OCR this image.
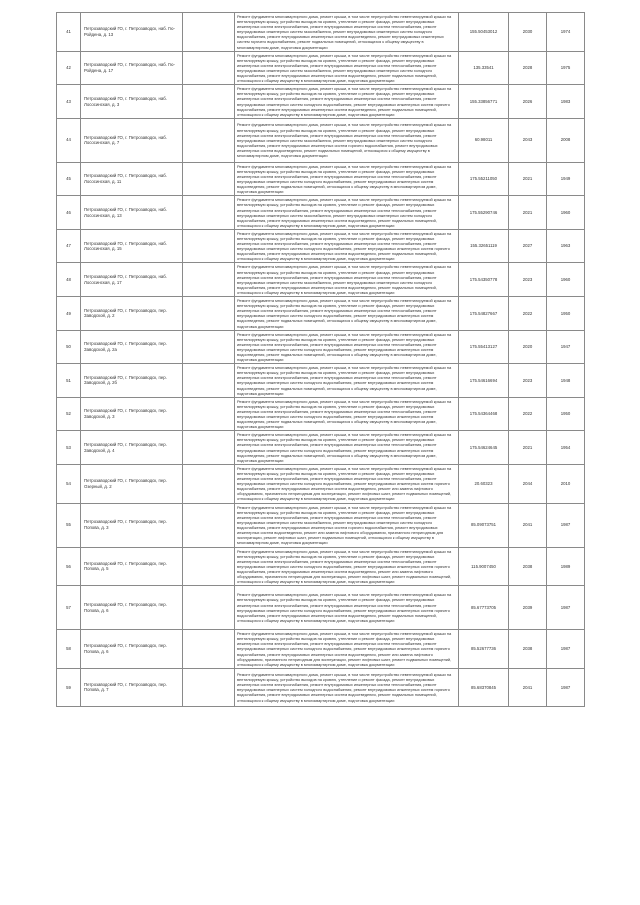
41	Петрозаводский ГО, г. Петрозаводск, наб. Гю-Ройдена, д. 13		Ремонт фундамента многоквартирного дома, ремонт крыши, в том числе переустройство невентилируемой крыши на вентилируемую крышу, устройство выходов на кровлю, утепление и ремонт фасада, ремонт внутридомовых инженерных систем электроснабжения, ремонт внутридомовых инженерных систем теплоснабжения, ремонт внутридомовых инженерных систем газоснабжения, ремонт внутридомовых инженерных систем холодного водоснабжения, ремонт внутридомовых инженерных систем водоотведения, ремонт внутридомовых инженерных систем горячего водоснабжения, ремонт подвальных помещений, относящихся к общему имуществу в многоквартирном доме, подготовка документации	155.50453012	2030	1974
42	Петрозаводский ГО, г. Петрозаводск, наб. Гю-Ройдена, д. 17		Ремонт фундамента многоквартирного дома, ремонт крыши, в том числе переустройство невентилируемой крыши на вентилируемую крышу, устройство выходов на кровлю, утепление и ремонт фасада, ремонт внутридомовых инженерных систем электроснабжения, ремонт внутридомовых инженерных систем теплоснабжения, ремонт внутридомовых инженерных систем газоснабжения, ремонт внутридомовых инженерных систем холодного водоснабжения, ремонт внутридомовых инженерных систем водоотведения, ремонт подвальных помещений, относящихся к общему имуществу в многоквартирном доме, подготовка документации	135.33541	2028	1975
43	Петрозаводский ГО, г. Петрозаводск, наб. Лососинская, д. 3		Ремонт фундамента многоквартирного дома, ремонт крыши, в том числе переустройство невентилируемой крыши на вентилируемую крышу, устройство выходов на кровлю, утепление и ремонт фасада, ремонт внутридомовых инженерных систем электроснабжения, ремонт внутридомовых инженерных систем теплоснабжения, ремонт внутридомовых инженерных систем холодного водоснабжения, ремонт внутридомовых инженерных систем горячего водоснабжения, ремонт внутридомовых инженерных систем водоотведения, ремонт подвальных помещений, относящихся к общему имуществу в многоквартирном доме, подготовка документации	155.33856771	2026	1983
44	Петрозаводский ГО, г. Петрозаводск, наб. Лососинская, д. 7		Ремонт фундамента многоквартирного дома, ремонт крыши, в том числе переустройство невентилируемой крыши на вентилируемую крышу, устройство выходов на кровлю, утепление и ремонт фасада, ремонт внутридомовых инженерных систем электроснабжения, ремонт внутридомовых инженерных систем теплоснабжения, ремонт внутридомовых инженерных систем газоснабжения, ремонт внутридомовых инженерных систем холодного водоснабжения, ремонт внутридомовых инженерных систем горячего водоснабжения, ремонт внутридомовых инженерных систем водоотведения, ремонт подвальных помещений, относящихся к общему имуществу в многоквартирном доме, подготовка документации	60.98011	2043	2008
45	Петрозаводский ГО, г. Петрозаводск, наб. Лососинская, д. 11		Ремонт фундамента многоквартирного дома, ремонт крыши, в том числе переустройство невентилируемой крыши на вентилируемую крышу, устройство выходов на кровлю, утепление и ремонт фасада, ремонт внутридомовых инженерных систем электроснабжения, ремонт внутридомовых инженерных систем теплоснабжения, ремонт внутридомовых инженерных систем холодного водоснабжения, ремонт внутридомовых инженерных систем водоотведения, ремонт подвальных помещений, относящихся к общему имуществу в многоквартирном доме, подготовка документации	175.55211050	2021	1949
46	Петрозаводский ГО, г. Петрозаводск, наб. Лососинская, д. 13		Ремонт фундамента многоквартирного дома, ремонт крыши, в том числе переустройство невентилируемой крыши на вентилируемую крышу, устройство выходов на кровлю, утепление и ремонт фасада, ремонт внутридомовых инженерных систем электроснабжения, ремонт внутридомовых инженерных систем теплоснабжения, ремонт внутридомовых инженерных систем газоснабжения, ремонт внутридомовых инженерных систем холодного водоснабжения, ремонт внутридомовых инженерных систем водоотведения, ремонт подвальных помещений, относящихся к общему имуществу в многоквартирном доме, подготовка документации	175.55290746	2021	1960
47	Петрозаводский ГО, г. Петрозаводск, наб. Лососинская, д. 15		Ремонт фундамента многоквартирного дома, ремонт крыши, в том числе переустройство невентилируемой крыши на вентилируемую крышу, устройство выходов на кровлю, утепление и ремонт фасада, ремонт внутридомовых инженерных систем электроснабжения, ремонт внутридомовых инженерных систем теплоснабжения, ремонт внутридомовых инженерных систем холодного водоснабжения, ремонт внутридомовых инженерных систем горячего водоснабжения, ремонт внутридомовых инженерных систем водоотведения, ремонт подвальных помещений, относящихся к общему имуществу в многоквартирном доме, подготовка документации	155.32651119	2027	1963
48	Петрозаводский ГО, г. Петрозаводск, наб. Лососинская, д. 17		Ремонт фундамента многоквартирного дома, ремонт крыши, в том числе переустройство невентилируемой крыши на вентилируемую крышу, устройство выходов на кровлю, утепление и ремонт фасада, ремонт внутридомовых инженерных систем электроснабжения, ремонт внутридомовых инженерных систем теплоснабжения, ремонт внутридомовых инженерных систем газоснабжения, ремонт внутридомовых инженерных систем холодного водоснабжения, ремонт внутридомовых инженерных систем водоотведения, ремонт подвальных помещений, относящихся к общему имуществу в многоквартирном доме, подготовка документации	175.54350778	2023	1960
49	Петрозаводский ГО, г. Петрозаводск, пер. Заводской, д. 2		Ремонт фундамента многоквартирного дома, ремонт крыши, в том числе переустройство невентилируемой крыши на вентилируемую крышу, устройство выходов на кровлю, утепление и ремонт фасада, ремонт внутридомовых инженерных систем электроснабжения, ремонт внутридомовых инженерных систем теплоснабжения, ремонт внутридомовых инженерных систем холодного водоснабжения, ремонт внутридомовых инженерных систем водоотведения, ремонт подвальных помещений, относящихся к общему имуществу в многоквартирном доме, подготовка документации	175.54827667	2022	1950
50	Петрозаводский ГО, г. Петрозаводск, пер. Заводской, д. 2а		Ремонт фундамента многоквартирного дома, ремонт крыши, в том числе переустройство невентилируемой крыши на вентилируемую крышу, устройство выходов на кровлю, утепление и ремонт фасада, ремонт внутридомовых инженерных систем электроснабжения, ремонт внутридомовых инженерных систем теплоснабжения, ремонт внутридомовых инженерных систем холодного водоснабжения, ремонт внутридомовых инженерных систем водоотведения, ремонт подвальных помещений, относящихся к общему имуществу в многоквартирном доме, подготовка документации	175.55413127	2020	1947
51	Петрозаводский ГО, г. Петрозаводск, пер. Заводской, д. 2б		Ремонт фундамента многоквартирного дома, ремонт крыши, в том числе переустройство невентилируемой крыши на вентилируемую крышу, устройство выходов на кровлю, утепление и ремонт фасада, ремонт внутридомовых инженерных систем электроснабжения, ремонт внутридомовых инженерных систем теплоснабжения, ремонт внутридомовых инженерных систем холодного водоснабжения, ремонт внутридомовых инженерных систем водоотведения, ремонт подвальных помещений, относящихся к общему имуществу в многоквартирном доме, подготовка документации	175.54616694	2023	1948
52	Петрозаводский ГО, г. Петрозаводск, пер. Заводской, д. 3		Ремонт фундамента многоквартирного дома, ремонт крыши, в том числе переустройство невентилируемой крыши на вентилируемую крышу, устройство выходов на кровлю, утепление и ремонт фасада, ремонт внутридомовых инженерных систем электроснабжения, ремонт внутридомовых инженерных систем теплоснабжения, ремонт внутридомовых инженерных систем холодного водоснабжения, ремонт внутридомовых инженерных систем водоотведения, ремонт подвальных помещений, относящихся к общему имуществу в многоквартирном доме, подготовка документации	175.54364468	2022	1950
53	Петрозаводский ГО, г. Петрозаводск, пер. Заводской, д. 4		Ремонт фундамента многоквартирного дома, ремонт крыши, в том числе переустройство невентилируемой крыши на вентилируемую крышу, устройство выходов на кровлю, утепление и ремонт фасада, ремонт внутридомовых инженерных систем электроснабжения, ремонт внутридомовых инженерных систем теплоснабжения, ремонт внутридомовых инженерных систем холодного водоснабжения, ремонт внутридомовых инженерных систем водоотведения, ремонт подвальных помещений, относящихся к общему имуществу в многоквартирном доме, подготовка документации	175.54624645	2021	1954
54	Петрозаводский ГО, г. Петрозаводск, пер. Озерный, д. 2		Ремонт фундамента многоквартирного дома, ремонт крыши, в том числе переустройство невентилируемой крыши на вентилируемую крышу, устройство выходов на кровлю, утепление и ремонт фасада, ремонт внутридомовых инженерных систем электроснабжения, ремонт внутридомовых инженерных систем теплоснабжения, ремонт внутридомовых инженерных систем холодного водоснабжения, ремонт внутридомовых инженерных систем горячего водоснабжения, ремонт внутридомовых инженерных систем водоотведения, ремонт или замена лифтового оборудования, признанного непригодным для эксплуатации, ремонт лифтовых шахт, ремонт подвальных помещений, относящихся к общему имуществу в многоквартирном доме, подготовка документации	20.60323	2044	2010
55	Петрозаводский ГО, г. Петрозаводск, пер. Попова, д. 3		Ремонт фундамента многоквартирного дома, ремонт крыши, в том числе переустройство невентилируемой крыши на вентилируемую крышу, устройство выходов на кровлю, утепление и ремонт фасада, ремонт внутридомовых инженерных систем электроснабжения, ремонт внутридомовых инженерных систем теплоснабжения, ремонт внутридомовых инженерных систем газоснабжения, ремонт внутридомовых инженерных систем холодного водоснабжения, ремонт внутридомовых инженерных систем горячего водоснабжения, ремонт внутридомовых инженерных систем водоотведения, ремонт или замена лифтового оборудования, признанного непригодным для эксплуатации, ремонт лифтовых шахт, ремонт подвальных помещений, относящихся к общему имуществу в многоквартирном доме, подготовка документации	85.09073751	2041	1987
56	Петрозаводский ГО, г. Петрозаводск, пер. Попова, д. 5		Ремонт фундамента многоквартирного дома, ремонт крыши, в том числе переустройство невентилируемой крыши на вентилируемую крышу, устройство выходов на кровлю, утепление и ремонт фасада, ремонт внутридомовых инженерных систем электроснабжения, ремонт внутридомовых инженерных систем теплоснабжения, ремонт внутридомовых инженерных систем холодного водоснабжения, ремонт внутридомовых инженерных систем горячего водоснабжения, ремонт внутридомовых инженерных систем водоотведения, ремонт или замена лифтового оборудования, признанного непригодным для эксплуатации, ремонт лифтовых шахт, ремонт подвальных помещений, относящихся к общему имуществу в многоквартирном доме, подготовка документации	115.9007450	2038	1989
57	Петрозаводский ГО, г. Петрозаводск, пер. Попова, д. 6		Ремонт фундамента многоквартирного дома, ремонт крыши, в том числе переустройство невентилируемой крыши на вентилируемую крышу, устройство выходов на кровлю, утепление и ремонт фасада, ремонт внутридомовых инженерных систем электроснабжения, ремонт внутридомовых инженерных систем теплоснабжения, ремонт внутридомовых инженерных систем холодного водоснабжения, ремонт внутридомовых инженерных систем горячего водоснабжения, ремонт внутридомовых инженерных систем водоотведения, ремонт подвальных помещений, относящихся к общему имуществу в многоквартирном доме, подготовка документации	85.67773705	2039	1987
58	Петрозаводский ГО, г. Петрозаводск, пер. Попова, д. 6		Ремонт фундамента многоквартирного дома, ремонт крыши, в том числе переустройство невентилируемой крыши на вентилируемую крышу, устройство выходов на кровлю, утепление и ремонт фасада, ремонт внутридомовых инженерных систем электроснабжения, ремонт внутридомовых инженерных систем теплоснабжения, ремонт внутридомовых инженерных систем холодного водоснабжения, ремонт внутридомовых инженерных систем горячего водоснабжения, ремонт внутридомовых инженерных систем водоотведения, ремонт или замена лифтового оборудования, признанного непригодным для эксплуатации, ремонт лифтовых шахт, ремонт подвальных помещений, относящихся к общему имуществу в многоквартирном доме, подготовка документации	85.52677736	2038	1987
59	Петрозаводский ГО, г. Петрозаводск, пер. Попова, д. 7		Ремонт фундамента многоквартирного дома, ремонт крыши, в том числе переустройство невентилируемой крыши на вентилируемую крышу, устройство выходов на кровлю, утепление и ремонт фасада, ремонт внутридомовых инженерных систем электроснабжения, ремонт внутридомовых инженерных систем теплоснабжения, ремонт внутридомовых инженерных систем холодного водоснабжения, ремонт внутридомовых инженерных систем горячего водоснабжения, ремонт внутридомовых инженерных систем водоотведения, ремонт подвальных помещений, относящихся к общему имуществу в многоквартирном доме, подготовка документации	85.68370845	2041	1987
